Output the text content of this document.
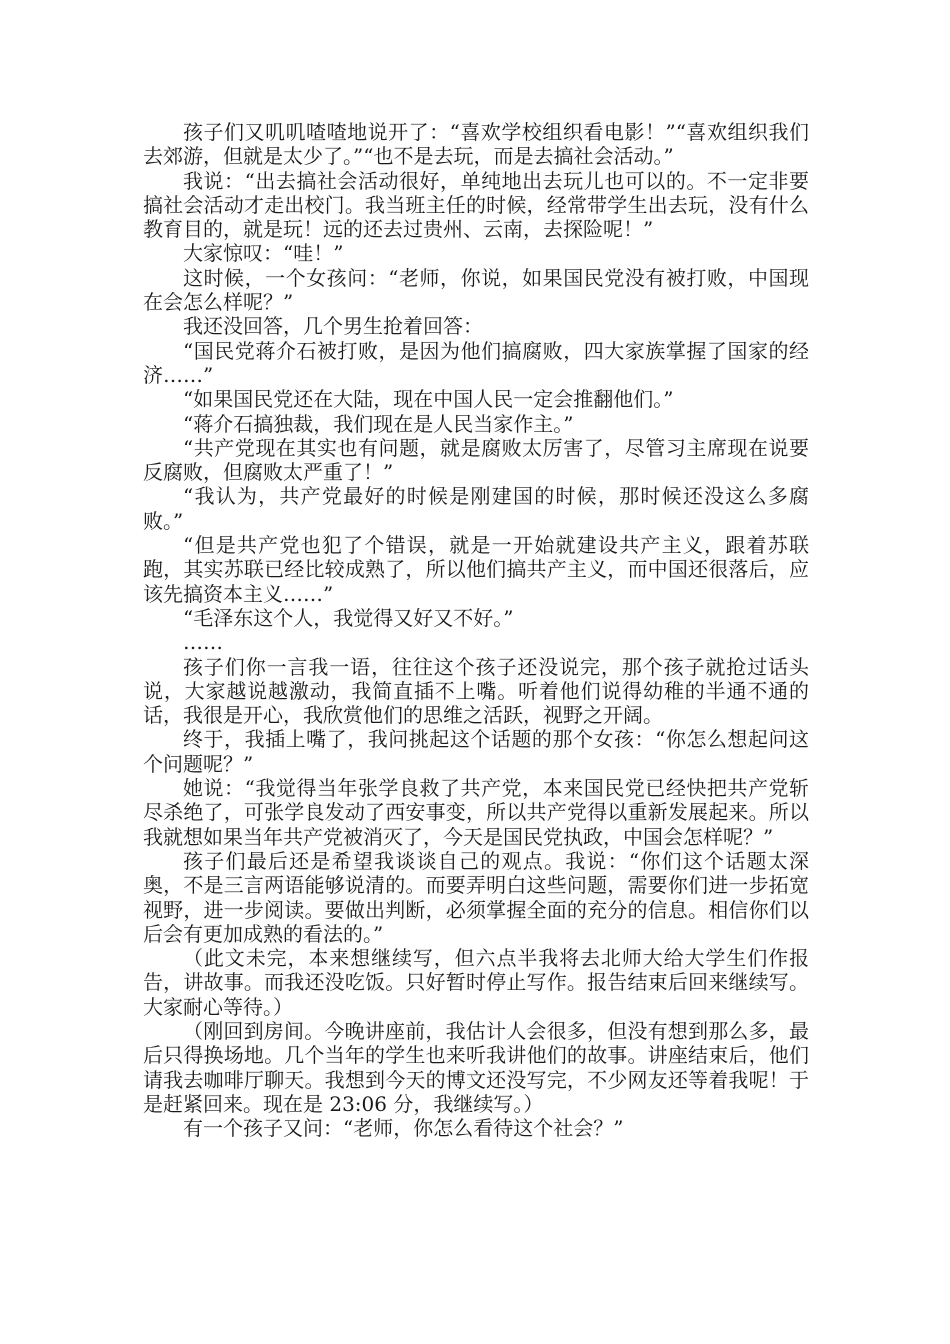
孩子们又叽叽喳喳地说开了：“喜欢学校组织看电影！”“喜欢组织我们去郊游，但就是太少了。”“也不是去玩，而是去搞社会活动。”

我说：“出去搞社会活动很好，单纯地出去玩儿也可以的。不一定非要搞社会活动才走出校门。我当班主任的时候，经常带学生出去玩，没有什么教育目的，就是玩！远的还去过贵州、云南，去探险呢！”

大家惊叹：“哇！”

这时候，一个女孩问：“老师，你说，如果国民党没有被打败，中国现在会怎么样呢？”

我还没回答，几个男生抢着回答：

“国民党蒋介石被打败，是因为他们搞腐败，四大家族掌握了国家的经济……”

“如果国民党还在大陆，现在中国人民一定会推翻他们。”

“蒋介石搞独裁，我们现在是人民当家作主。”

“共产党现在其实也有问题，就是腐败太厉害了，尽管习主席现在说要反腐败，但腐败太严重了！”

“我认为，共产党最好的时候是刚建国的时候，那时候还没这么多腐败。”

“但是共产党也犯了个错误，就是一开始就建设共产主义，跟着苏联跑，其实苏联已经比较成熟了，所以他们搞共产主义，而中国还很落后，应该先搞资本主义……”

“毛泽东这个人，我觉得又好又不好。”

……

孩子们你一言我一语，往往这个孩子还没说完，那个孩子就抢过话头说，大家越说越激动，我简直插不上嘴。听着他们说得幼稚的半通不通的话，我很是开心，我欣赏他们的思维之活跃，视野之开阔。

终于，我插上嘴了，我问挑起这个话题的那个女孩：“你怎么想起问这个问题呢？”

她说：“我觉得当年张学良救了共产党，本来国民党已经快把共产党斩尽杀绝了，可张学良发动了西安事变，所以共产党得以重新发展起来。所以我就想如果当年共产党被消灭了，今天是国民党执政，中国会怎样呢？”

孩子们最后还是希望我谈谈自己的观点。我说：“你们这个话题太深奥，不是三言两语能够说清的。而要弄明白这些问题，需要你们进一步拓宽视野，进一步阅读。要做出判断，必须掌握全面的充分的信息。相信你们以后会有更加成熟的看法的。”

（此文未完，本来想继续写，但六点半我将去北师大给大学生们作报告，讲故事。而我还没吃饭。只好暂时停止写作。报告结束后回来继续写。大家耐心等待。）

（刚回到房间。今晚讲座前，我估计人会很多，但没有想到那么多，最后只得换场地。几个当年的学生也来听我讲他们的故事。讲座结束后，他们请我去咖啡厅聊天。我想到今天的博文还没写完，不少网友还等着我呢！于是赶紧回来。现在是 23:06 分，我继续写。）

有一个孩子又问：“老师，你怎么看待这个社会？”
